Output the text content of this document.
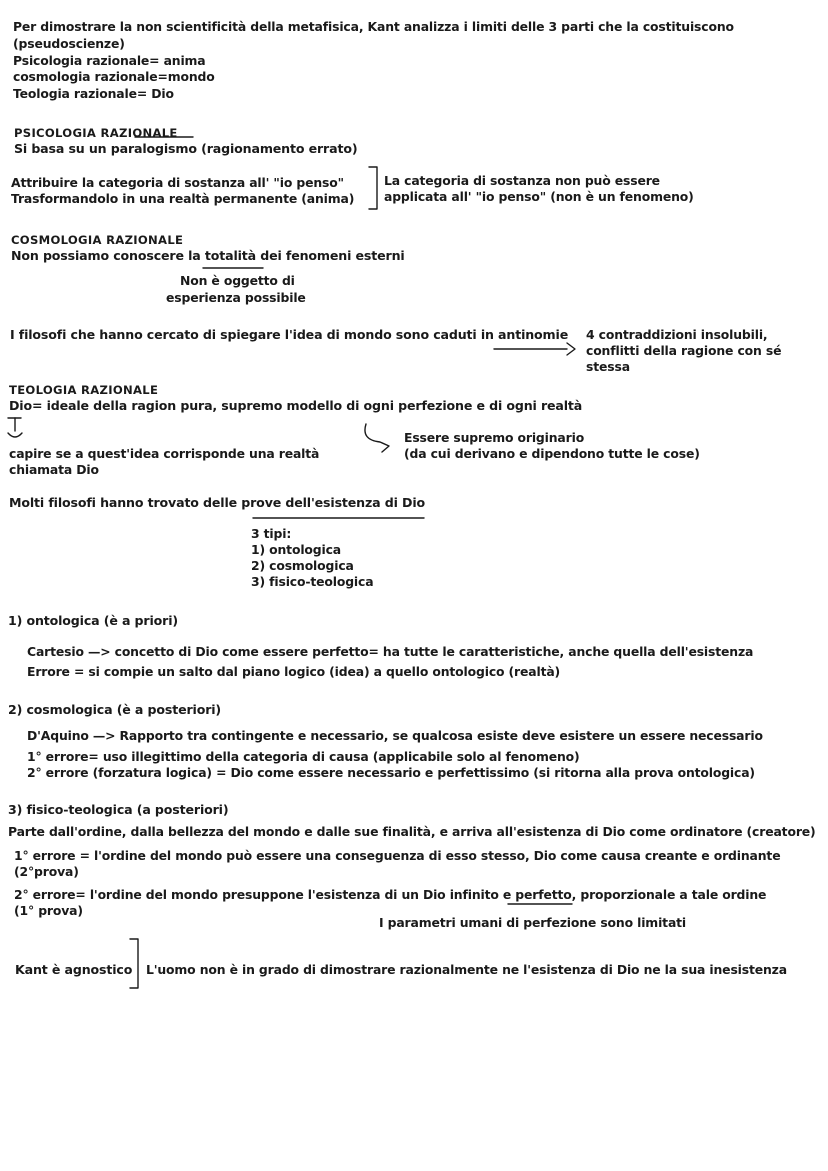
Per dimostrare la non scientificità della metafisica, Kant analizza i limiti delle 3 parti che la costituiscono
(pseudoscienze)
Psicologia razionale= anima
cosmologia razionale=mondo
Teologia razionale= Dio
PSICOLOGIA RAZIONALE
Si basa su un paralogismo (ragionamento errato)
Attribuire la categoria di sostanza all' "io penso"
Trasformandolo in una realtà permanente (anima)
La categoria di sostanza non può essere
applicata all' "io penso" (non è un fenomeno)
COSMOLOGIA RAZIONALE
Non possiamo conoscere la totalità dei fenomeni esterni
Non è oggetto di
esperienza possibile
I filosofi che hanno cercato di spiegare l'idea di mondo sono caduti in antinomie 4 contraddizioni insolubili,
conflitti della ragione con sé
stessa
TEOLOGIA RAZIONALE
Dio= ideale della ragion pura, supremo modello di ogni perfezione e di ogni realtà
capire se a quest'idea corrisponde una realtà
chiamata Dio
Essere supremo originario
(da cui derivano e dipendono tutte le cose)
Molti filosofi hanno trovato delle prove dell'esistenza di Dio
3 tipi:
1) ontologica
2) cosmologica
3) fisico-teologica
1) ontologica (è a priori)
Cartesio —> concetto di Dio come essere perfetto= ha tutte le caratteristiche, anche quella dell'esistenza
Errore = si compie un salto dal piano logico (idea) a quello ontologico (realtà)
2) cosmologica (è a posteriori)
D'Aquino —> Rapporto tra contingente e necessario, se qualcosa esiste deve esistere un essere necessario
1° errore= uso illegittimo della categoria di causa (applicabile solo al fenomeno)
2° errore (forzatura logica) = Dio come essere necessario e perfettissimo (si ritorna alla prova ontologica)
3) fisico-teologica (a posteriori)
Parte dall'ordine, dalla bellezza del mondo e dalle sue finalità, e arriva all'esistenza di Dio come ordinatore (creatore)
1° errore = l'ordine del mondo può essere una conseguenza di esso stesso, Dio come causa creante e ordinante
(2°prova)
2° errore= l'ordine del mondo presuppone l'esistenza di un Dio infinito e perfetto, proporzionale a tale ordine
(1° prova)
I parametri umani di perfezione sono limitati
Kant è agnostico L'uomo non è in grado di dimostrare razionalmente ne l'esistenza di Dio ne la sua inesistenza
